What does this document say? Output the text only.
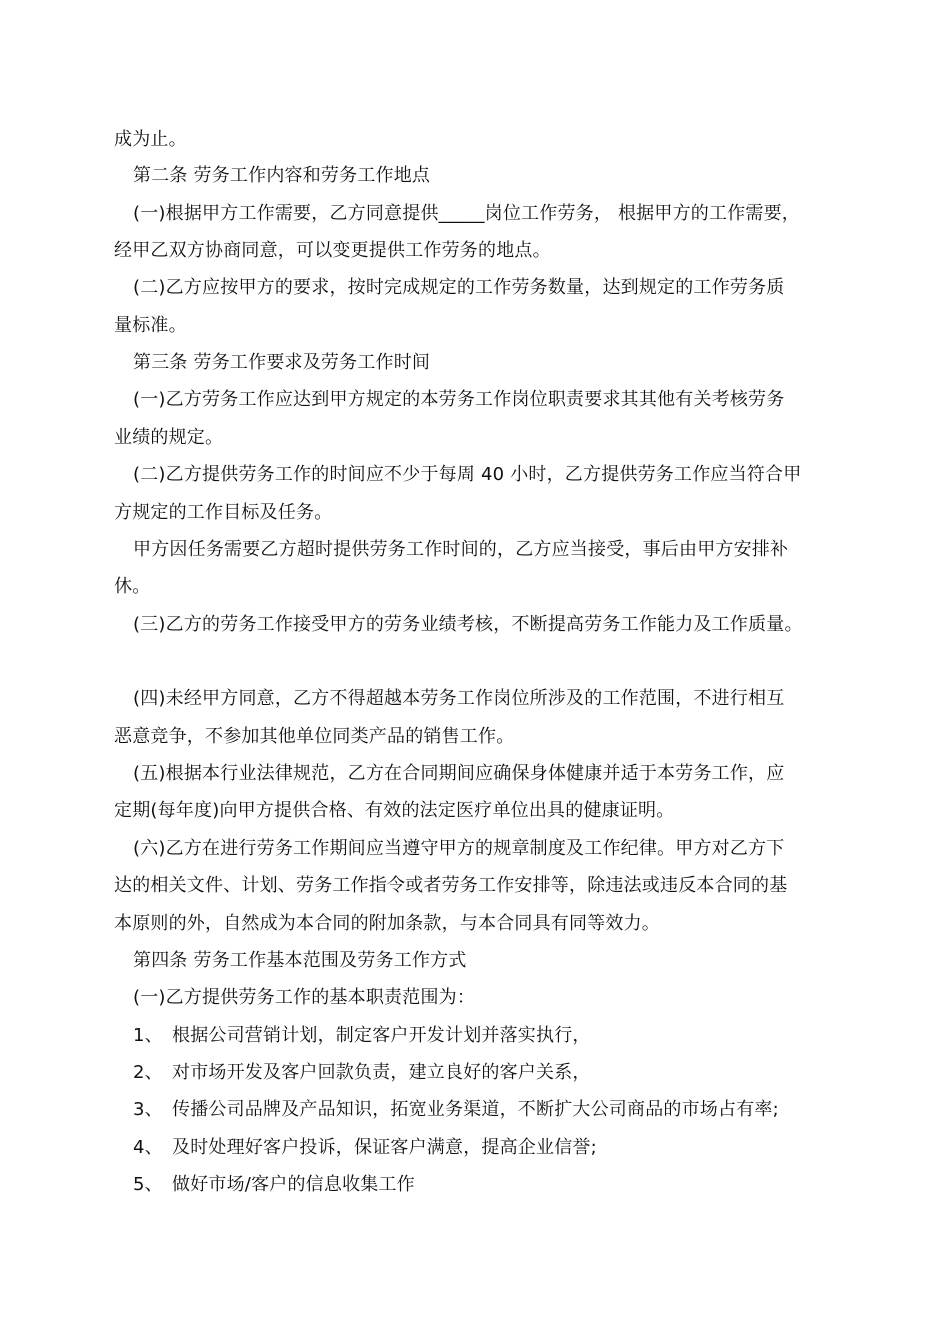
成为止。
第二条 劳务工作内容和劳务工作地点
(一)根据甲方工作需要，乙方同意提供_____岗位工作劳务， 根据甲方的工作需要，
经甲乙双方协商同意，可以变更提供工作劳务的地点。
(二)乙方应按甲方的要求，按时完成规定的工作劳务数量，达到规定的工作劳务质
量标准。
第三条 劳务工作要求及劳务工作时间
(一)乙方劳务工作应达到甲方规定的本劳务工作岗位职责要求其其他有关考核劳务
业绩的规定。
(二)乙方提供劳务工作的时间应不少于每周 40 小时，乙方提供劳务工作应当符合甲
方规定的工作目标及任务。
甲方因任务需要乙方超时提供劳务工作时间的，乙方应当接受，事后由甲方安排补
休。
(三)乙方的劳务工作接受甲方的劳务业绩考核，不断提高劳务工作能力及工作质量。
(四)未经甲方同意，乙方不得超越本劳务工作岗位所涉及的工作范围，不进行相互
恶意竞争，不参加其他单位同类产品的销售工作。
(五)根据本行业法律规范，乙方在合同期间应确保身体健康并适于本劳务工作，应
定期(每年度)向甲方提供合格、有效的法定医疗单位出具的健康证明。
(六)乙方在进行劳务工作期间应当遵守甲方的规章制度及工作纪律。甲方对乙方下
达的相关文件、计划、劳务工作指令或者劳务工作安排等，除违法或违反本合同的基
本原则的外，自然成为本合同的附加条款，与本合同具有同等效力。
第四条 劳务工作基本范围及劳务工作方式
(一)乙方提供劳务工作的基本职责范围为：
1、 根据公司营销计划，制定客户开发计划并落实执行，
2、 对市场开发及客户回款负责，建立良好的客户关系，
3、 传播公司品牌及产品知识，拓宽业务渠道，不断扩大公司商品的市场占有率;
4、 及时处理好客户投诉，保证客户满意，提高企业信誉;
5、 做好市场/客户的信息收集工作
